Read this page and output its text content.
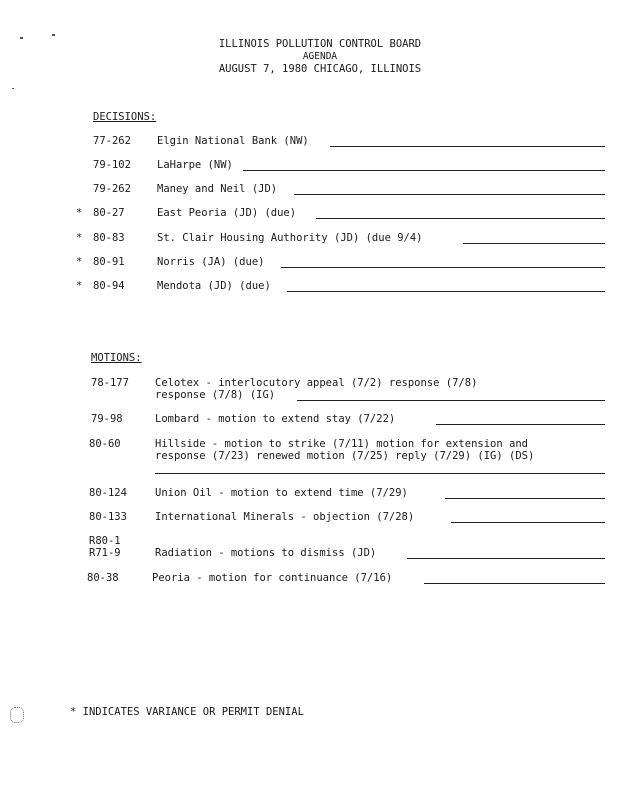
ILLINOIS POLLUTION CONTROL BOARD
AGENDA
AUGUST 7, 1980 CHICAGO, ILLINOIS
DECISIONS:
77-262 Elgin National Bank (NW)
79-102 LaHarpe (NW)
79-262 Maney and Neil (JD)
* 80-27	East Peoria (JD) (due)
* 80-83	St. Clair Housing Authority (JD) (due 9/4)
* 80-91	Norris (JA) (due)
* 80-94	Mendota (JD) (due)
MOTIONS:
78-177 Celotex - interlocutory appeal (7/2) response (7/8)
response (7/8) (IG)
79-98	Lombard - motion to extend stay (7/22)
80-60	Hillside - motion to strike (7/11) motion for extension and
response (7/23) renewed motion (7/25) reply (7/29) (IG) (DS)
80-124	Union Oil - motion to extend time (7/29)
80-133	International Minerals - objection (7/28)
R80-1
R71-9	Radiation - motions to dismiss (JD)
80-38	Peoria - motion for continuance (7/16)
* INDICATES VARIANCE OR PERMIT DENIAL
